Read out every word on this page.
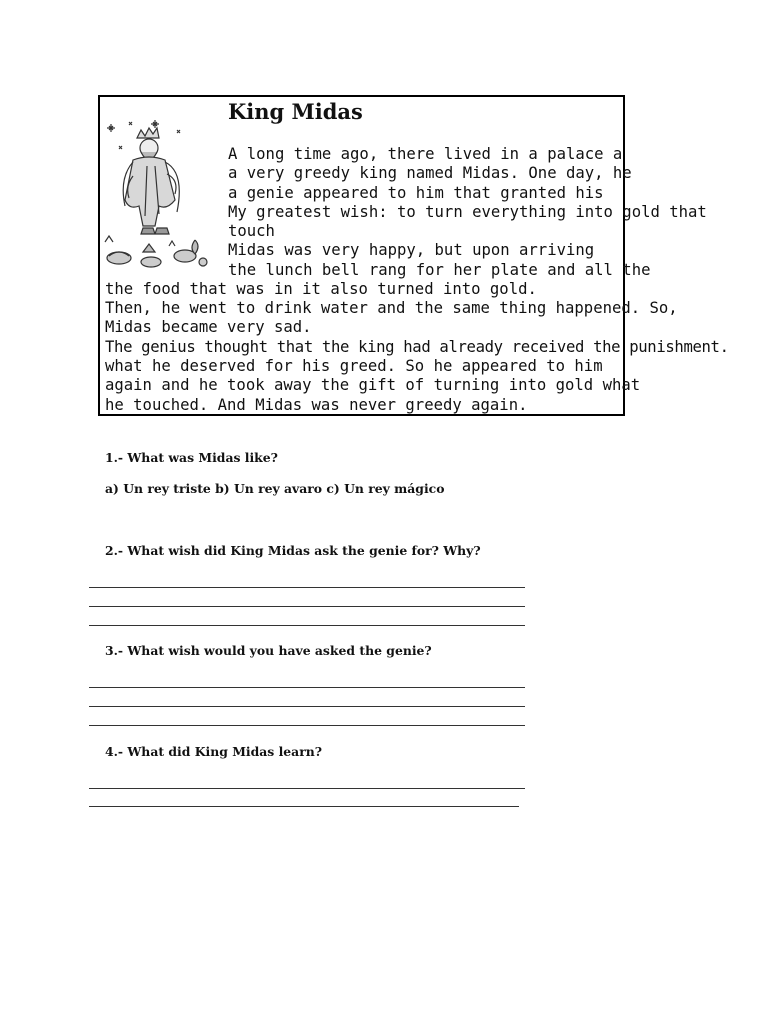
King Midas

A long time ago, there lived in a palace a

a very greedy king named Midas. One day, he

a genie appeared to him that granted his

My greatest wish: to turn everything into gold that

touch

Midas was very happy, but upon arriving

the lunch bell rang for her plate and all the

the food that was in it also turned into gold.

Then, he went to drink water and the same thing happened. So,

Midas became very sad.

The genius thought that the king had already received the punishment.

what he deserved for his greed. So he appeared to him

again and he took away the gift of turning into gold what

he touched. And Midas was never greedy again.

1.- What was Midas like?

a) Un rey triste b) Un rey avaro c) Un rey mágico

2.- What wish did King Midas ask the genie for? Why?

3.- What wish would you have asked the genie?

4.- What did King Midas learn?
